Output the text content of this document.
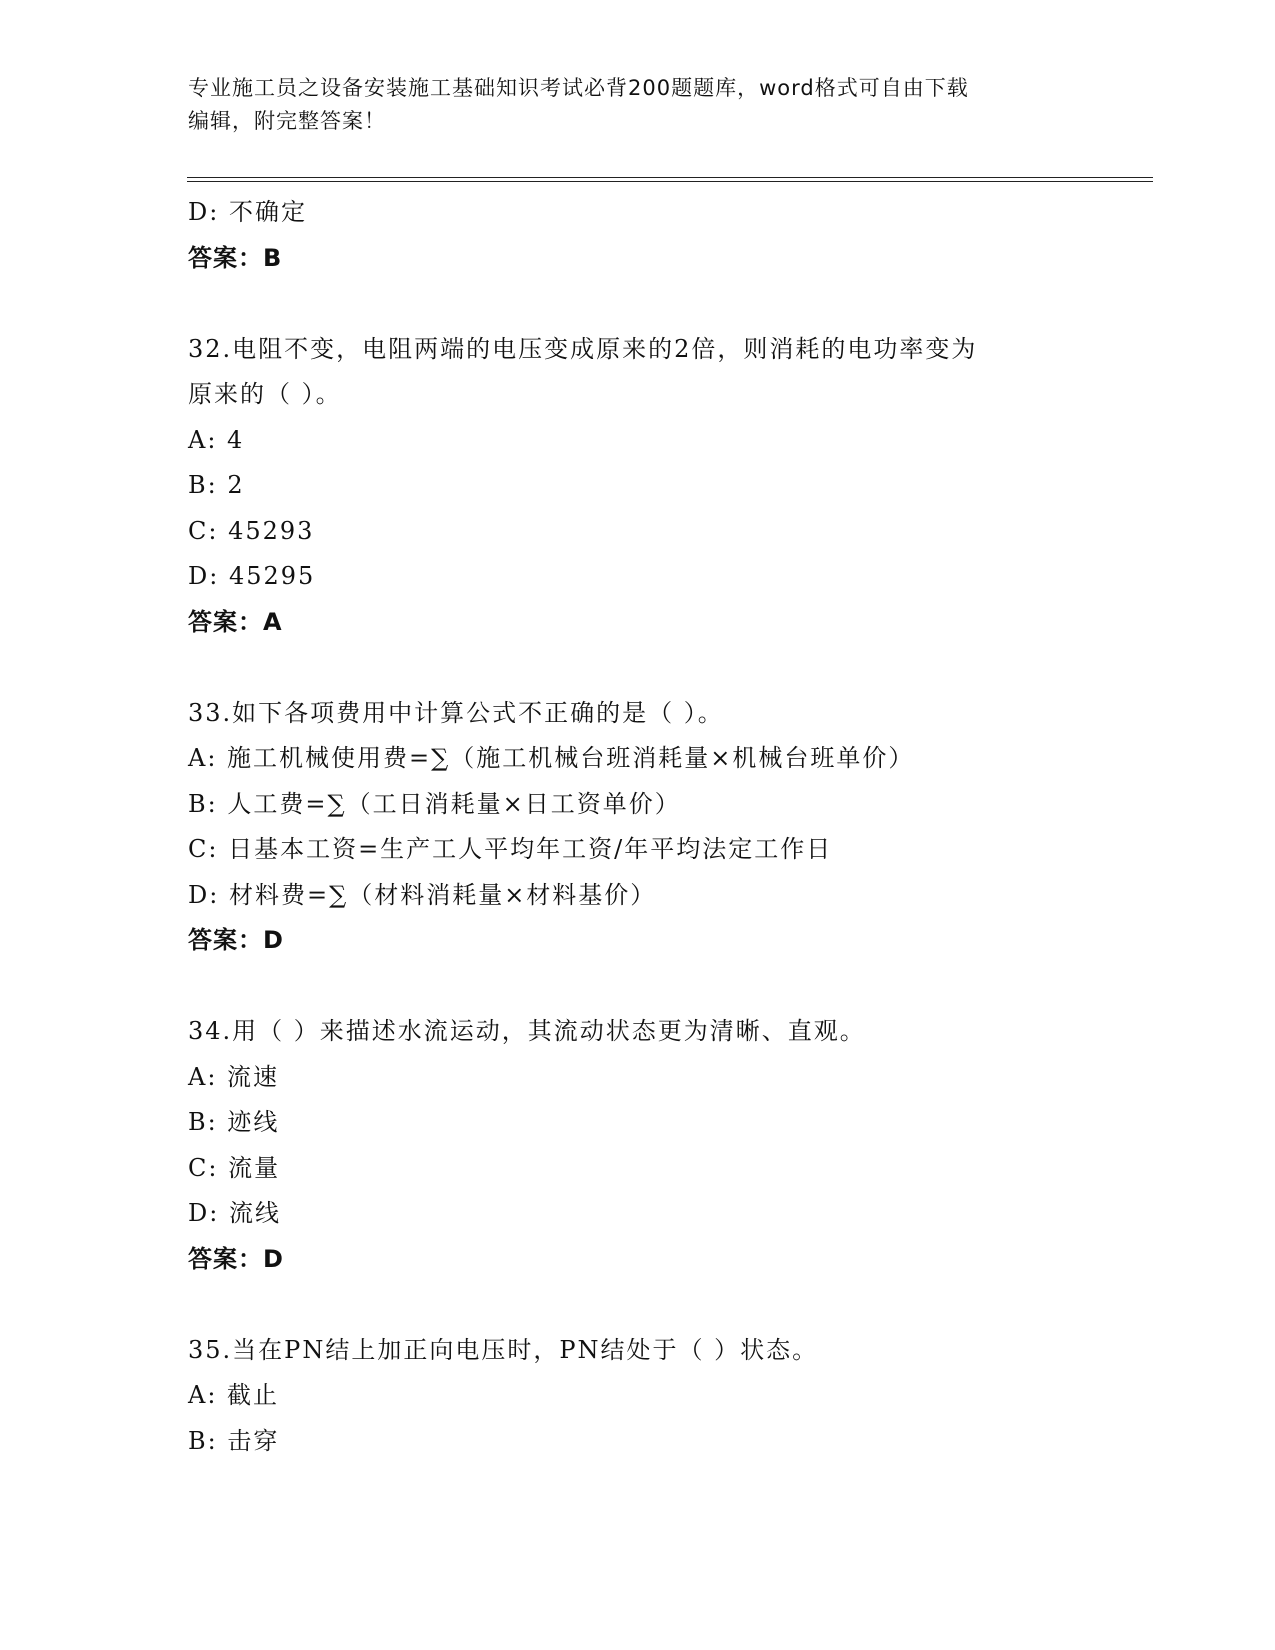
专业施工员之设备安装施工基础知识考试必背200题题库，word格式可自由下载
编辑，附完整答案！
D: 不确定
答案：B
32.电阻不变，电阻两端的电压变成原来的2倍，则消耗的电功率变为
原来的（ ）。
A: 4
B: 2
C: 45293
D: 45295
答案：A
33.如下各项费用中计算公式不正确的是（ ）。
A: 施工机械使用费=∑（施工机械台班消耗量×机械台班单价）
B: 人工费=∑（工日消耗量×日工资单价）
C: 日基本工资=生产工人平均年工资/年平均法定工作日
D: 材料费=∑（材料消耗量×材料基价）
答案：D
34.用（ ）来描述水流运动，其流动状态更为清晰、直观。
A: 流速
B: 迹线
C: 流量
D: 流线
答案：D
35.当在PN结上加正向电压时，PN结处于（ ）状态。
A: 截止
B: 击穿
